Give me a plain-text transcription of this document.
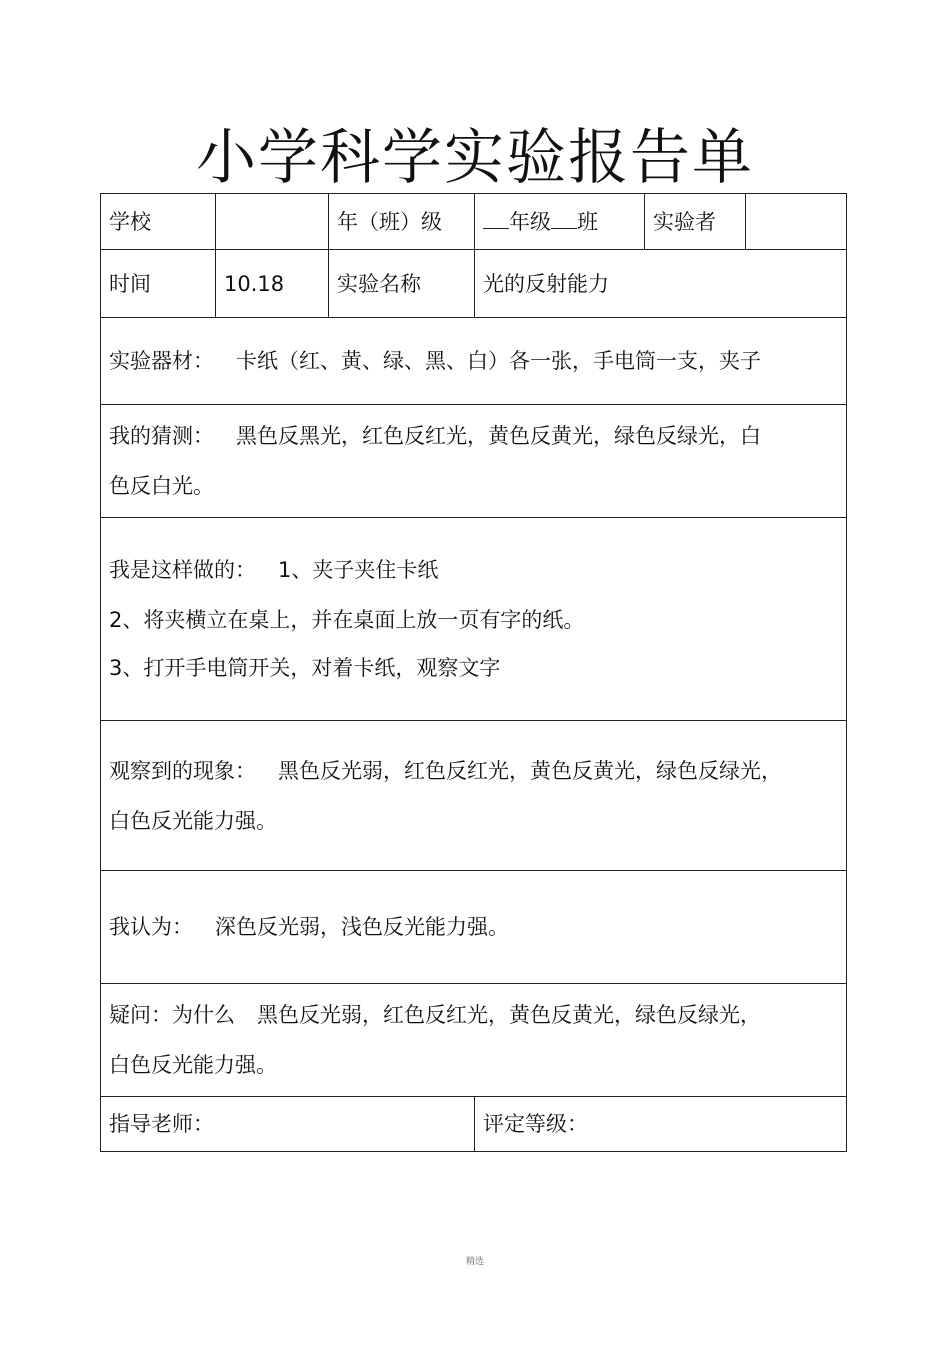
小学科学实验报告单
学校		年（班）级	年级 班	实验者	
时间	10.18	实验名称	光的反射能力		
实验器材： 卡纸（红、黄、绿、黑、白）各一张，手电筒一支，夹子					

我的猜测： 黑色反黑光，红色反红光，黄色反黄光，绿色反绿光，白
色反白光。					

我是这样做的： 1、夹子夹住卡纸
2、将夹横立在桌上，并在桌面上放一页有字的纸。
3、打开手电筒开关，对着卡纸，观察文字					

观察到的现象： 黑色反光弱，红色反红光，黄色反黄光，绿色反绿光，
白色反光能力强。					

我认为： 深色反光弱，浅色反光能力强。					

疑问：为什么 黑色反光弱，红色反红光，黄色反黄光，绿色反绿光，
白色反光能力强。					

指导老师：			评定等级：		
精选
